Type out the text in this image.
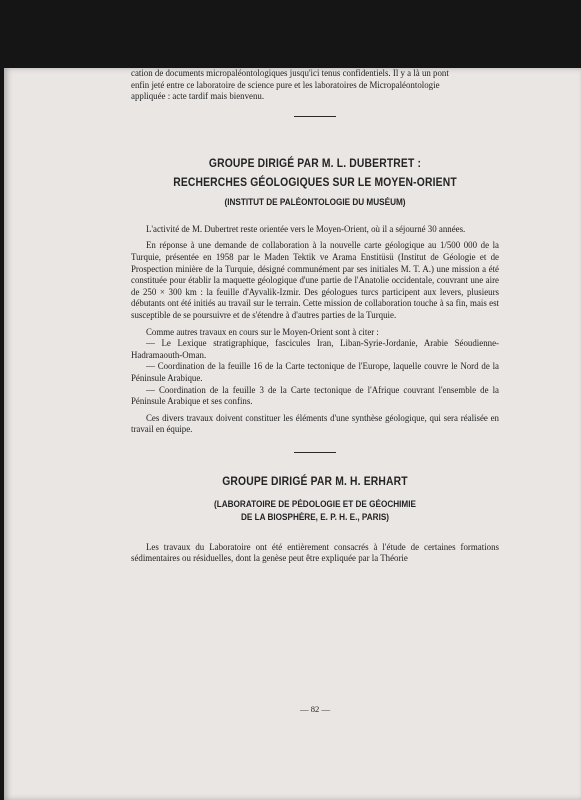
cation de documents micropaléontologiques jusqu'ici tenus confidentiels. Il y a là un pont

enfin jeté entre ce laboratoire de science pure et les laboratoires de Micropaléontologie

appliquée : acte tardif mais bienvenu.

GROUPE DIRIGÉ PAR M. L. DUBERTRET :
RECHERCHES GÉOLOGIQUES SUR LE MOYEN-ORIENT
(INSTITUT DE PALÉONTOLOGIE DU MUSÉUM)

L'activité de M. Dubertret reste orientée vers le Moyen-Orient, où il a séjourné 30 années.

En réponse à une demande de collaboration à la nouvelle carte géologique au 1/500 000 de la Turquie, présentée en 1958 par le Maden Tektik ve Arama Enstitüsü (Institut de Géologie et de Prospection minière de la Turquie, désigné communément par ses initiales M. T. A.) une mission a été constituée pour établir la maquette géologique d'une partie de l'Anatolie occidentale, couvrant une aire de 250 × 300 km : la feuille d'Ayvalik-Izmir. Des géologues turcs participent aux levers, plusieurs débutants ont été initiés au travail sur le terrain. Cette mission de collaboration touche à sa fin, mais est susceptible de se poursuivre et de s'étendre à d'autres parties de la Turquie.

Comme autres travaux en cours sur le Moyen-Orient sont à citer :

— Le Lexique stratigraphique, fascicules Iran, Liban-Syrie-Jordanie, Arabie Séoudienne-Hadramaouth-Oman.

— Coordination de la feuille 16 de la Carte tectonique de l'Europe, laquelle couvre le Nord de la Péninsule Arabique.

— Coordination de la feuille 3 de la Carte tectonique de l'Afrique couvrant l'ensemble de la Péninsule Arabique et ses confins.

Ces divers travaux doivent constituer les éléments d'une synthèse géologique, qui sera réalisée en travail en équipe.

GROUPE DIRIGÉ PAR M. H. ERHART
(LABORATOIRE DE PÉDOLOGIE ET DE GÉOCHIMIE
DE LA BIOSPHÈRE, E. P. H. E., PARIS)

Les travaux du Laboratoire ont été entièrement consacrés à l'étude de certaines formations sédimentaires ou résiduelles, dont la genèse peut être expliquée par la Théorie

— 82 —
